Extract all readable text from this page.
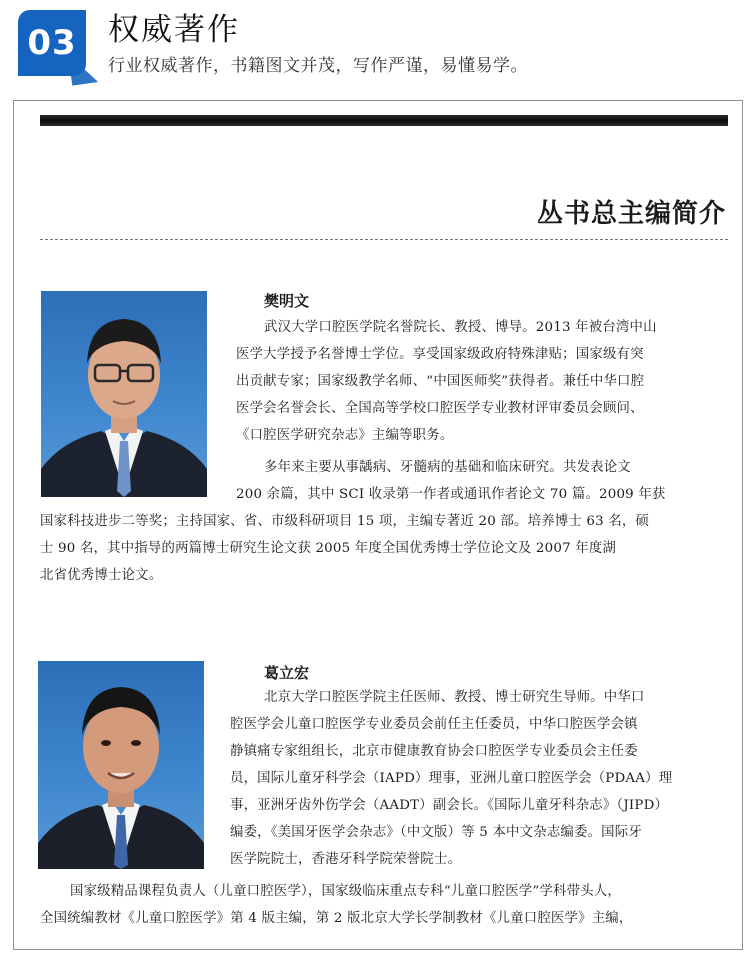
03	权威著作
行业权威著作，书籍图文并茂，写作严谨，易懂易学。
丛书总主编简介
樊明文
武汉大学口腔医学院名誉院长、教授、博导。2013 年被台湾中山
医学大学授予名誉博士学位。享受国家级政府特殊津贴；国家级有突
出贡献专家；国家级教学名师、“中国医师奖”获得者。兼任中华口腔
医学会名誉会长、全国高等学校口腔医学专业教材评审委员会顾问、
《口腔医学研究杂志》主编等职务。
多年来主要从事龋病、牙髓病的基础和临床研究。共发表论文
200 余篇，其中 SCI 收录第一作者或通讯作者论文 70 篇。2009 年获
国家科技进步二等奖；主持国家、省、市级科研项目 15 项，主编专著近 20 部。培养博士 63 名，硕
士 90 名，其中指导的两篇博士研究生论文获 2005 年度全国优秀博士学位论文及 2007 年度湖
北省优秀博士论文。
葛立宏
北京大学口腔医学院主任医师、教授、博士研究生导师。中华口
腔医学会儿童口腔医学专业委员会前任主任委员，中华口腔医学会镇
静镇痛专家组组长，北京市健康教育协会口腔医学专业委员会主任委
员，国际儿童牙科学会（IAPD）理事，亚洲儿童口腔医学会（PDAA）理
事，亚洲牙齿外伤学会（AADT）副会长。《国际儿童牙科杂志》（JIPD）
编委，《美国牙医学会杂志》（中文版）等 5 本中文杂志编委。国际牙
医学院院士，香港牙科学院荣誉院士。
国家级精品课程负责人（儿童口腔医学），国家级临床重点专科“儿童口腔医学”学科带头人，
全国统编教材《儿童口腔医学》第 4 版主编，第 2 版北京大学长学制教材《儿童口腔医学》主编，
